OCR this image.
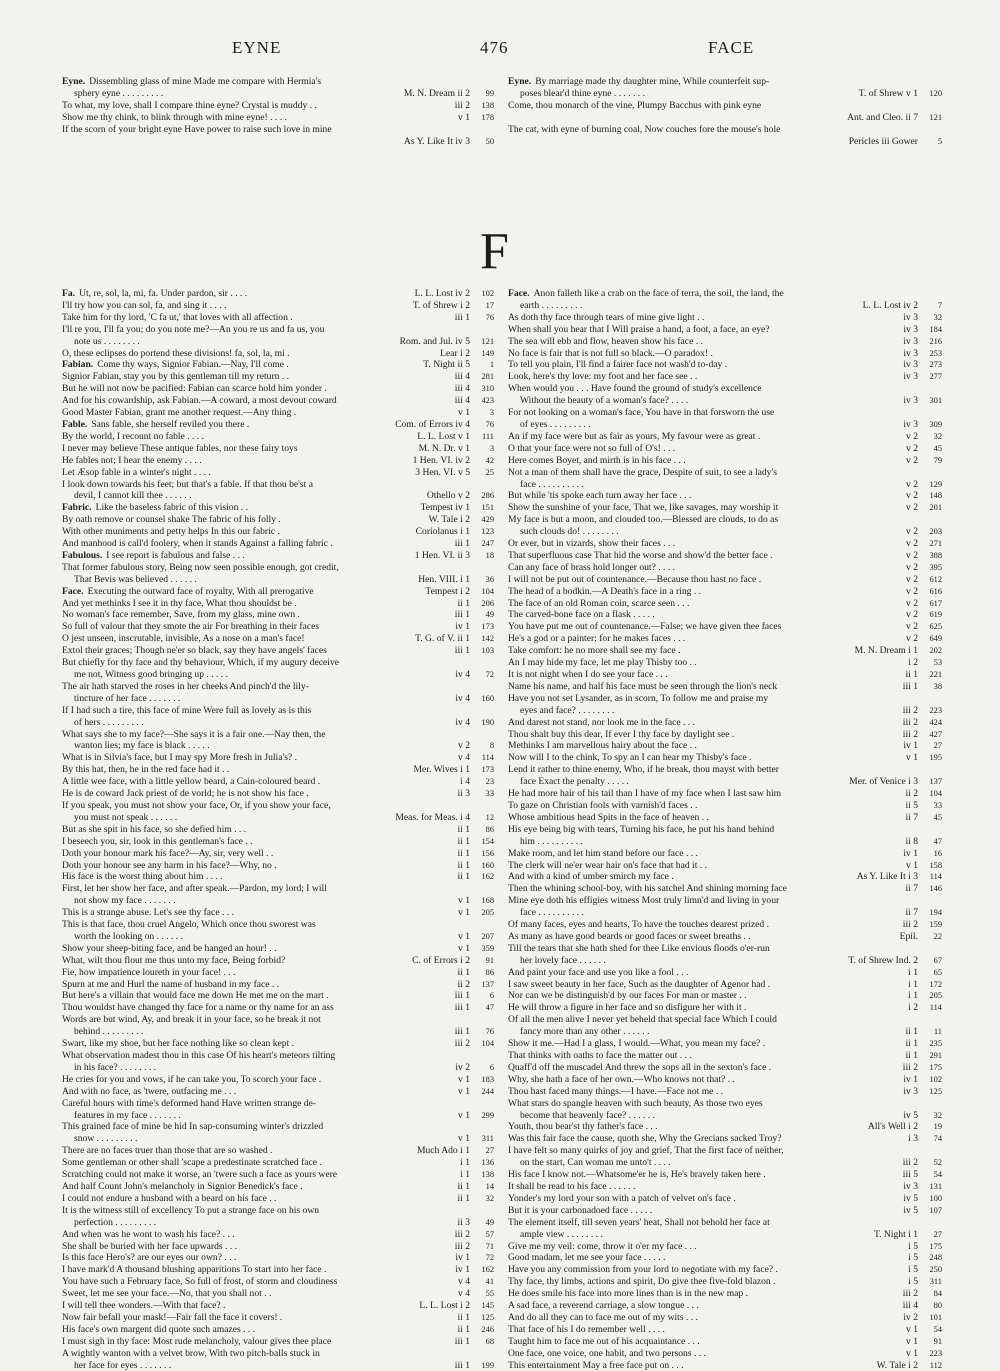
EYNE	476	FACE
Eyne. Dissembling glass of mine Made me compare with Hermia's
sphery eyne . . . . . . . . .	M. N. Dream ii 2	99
To what, my love, shall I compare thine eyne? Crystal is muddy . .	iii 2	138
Show me thy chink, to blink through with mine eyne! . . . .	v 1	178
If the scorn of your bright eyne Have power to raise such love in mine

As Y. Like It iv 3	50
Eyne. By marriage made thy daughter mine, While counterfeit sup-
poses blear'd thine eyne . . . . . . .	T. of Shrew v 1	120
Come, thou monarch of the vine, Plumpy Bacchus with pink eyne

Ant. and Cleo. ii 7	121
The cat, with eyne of burning coal, Now couches fore the mouse's hole

Pericles iii Gower	5
F
Fa. Ut, re, sol, la, mi, fa. Under pardon, sir . . . .	L. L. Lost iv 2	102
I'll try how you can sol, fa, and sing it . . . .	T. of Shrew i 2	17
Take him for thy lord, 'C fa ut,' that loves with all affection .	iii 1	76
I'll re you, I'll fa you; do you note me?—An you re us and fa us, you
note us . . . . . . . .	Rom. and Jul. iv 5	121
O, these eclipses do portend these divisions! fa, sol, la, mi .	Lear i 2	149
Fabian. Come thy ways, Signior Fabian.—Nay, I'll come .	T. Night ii 5	1
Signior Fabian, stay you by this gentleman till my return . .	iii 4	281
But he will not now be pacified: Fabian can scarce hold him yonder .	iii 4	310
And for his cowardship, ask Fabian.—A coward, a most devout coward	iii 4	423
Good Master Fabian, grant me another request.—Any thing .	v 1	3
Fable. Sans fable, she herself reviled you there .	Com. of Errors iv 4	76
By the world, I recount no fable . . . .	L. L. Lost v 1	111
I never may believe These antique fables, nor these fairy toys	M. N. Dr. v 1	3
He fables not; I hear the enemy . . . .	1 Hen. VI. iv 2	42
Let Æsop fable in a winter's night . . . .	3 Hen. VI. v 5	25
I look down towards his feet; but that's a fable. If that thou be'st a
devil, I cannot kill thee . . . . . .	Othello v 2	286
Fabric. Like the baseless fabric of this vision . .	Tempest iv 1	151
By oath remove or counsel shake The fabric of his folly .	W. Tale i 2	429
With other muniments and petty helps In this our fabric .	Coriolanus i 1	123
And manhood is call'd foolery, when it stands Against a falling fabric .	iii 1	247
Fabulous. I see report is fabulous and false . . .	1 Hen. VI. ii 3	18
That former fabulous story, Being now seen possible enough, got credit,
That Bevis was believed . . . . . .	Hen. VIII. i 1	36
Face. Executing the outward face of royalty, With all prerogative	Tempest i 2	104
And yet methinks I see it in thy face, What thou shouldst be .	ii 1	206
No woman's face remember, Save, from my glass, mine own .	iii 1	49
So full of valour that they smote the air For breathing in their faces	iv 1	173
O jest unseen, inscrutable, invisible, As a nose on a man's face!	T. G. of V. ii 1	142
Extol their graces; Though ne'er so black, say they have angels' faces	iii 1	103
But chiefly for thy face and thy behaviour, Which, if my augury deceive
me not, Witness good bringing up . . . . .	iv 4	72
The air hath starved the roses in her cheeks And pinch'd the lily-
tincture of her face . . . . . . .	iv 4	160
If I had such a tire, this face of mine Were full as lovely as is this
of hers . . . . . . . . .	iv 4	190
What says she to my face?—She says it is a fair one.—Nay then, the
wanton lies; my face is black . . . . .	v 2	8
What is in Silvia's face, but I may spy More fresh in Julia's? .	v 4	114
By this hat, then, he in the red face had it . .	Mer. Wives i 1	173
A little wee face, with a little yellow beard, a Cain-coloured beard .	i 4	23
He is de coward Jack priest of de vorld; he is not show his face .	ii 3	33
If you speak, you must not show your face, Or, if you show your face,
you must not speak . . . . . .	Meas. for Meas. i 4	12
But as she spit in his face, so she defied him . . .	ii 1	86
I beseech you, sir, look in this gentleman's face . .	ii 1	154
Doth your honour mark his face?—Ay, sir, very well . .	ii 1	156
Doth your honour see any harm in his face?—Why, no .	ii 1	160
His face is the worst thing about him . . . .	ii 1	162
First, let her show her face, and after speak.—Pardon, my lord; I will
not show my face . . . . . . .	v 1	168
This is a strange abuse. Let's see thy face . . .	v 1	205
This is that face, thou cruel Angelo, Which once thou sworest was
worth the looking on . . . . . .	v 1	207
Show your sheep-biting face, and be hanged an hour! . .	v 1	359
What, wilt thou flout me thus unto my face, Being forbid?	C. of Errors i 2	91
Fie, how impatience loureth in your face! . . .	ii 1	86
Spurn at me and Hurl the name of husband in my face . .	ii 2	137
But here's a villain that would face me down He met me on the mart .	iii 1	6
Thou wouldst have changed thy face for a name or thy name for an ass	iii 1	47
Words are but wind, Ay, and break it in your face, so he break it not
behind . . . . . . . . .	iii 1	76
Swart, like my shoe, but her face nothing like so clean kept .	iii 2	104
What observation madest thou in this case Of his heart's meteors tilting
in his face? . . . . . . . .	iv 2	6
He cries for you and vows, if he can take you, To scorch your face .	v 1	183
And with no face, as 'twere, outfacing me . . .	v 1	244
Careful hours with time's deformed hand Have written strange de-
features in my face . . . . . . .	v 1	299
This grained face of mine be hid In sap-consuming winter's drizzled
snow . . . . . . . . .	v 1	311
There are no faces truer than those that are so washed .	Much Ado i 1	27
Some gentleman or other shall 'scape a predestinate scratched face .	i 1	136
Scratching could not make it worse, an 'twere such a face as yours were	i 1	138
And half Count John's melancholy in Signior Benedick's face .	ii 1	14
I could not endure a husband with a beard on his face . .	ii 1	32
It is the witness still of excellency To put a strange face on his own
perfection . . . . . . . . .	ii 3	49
And when was he wont to wash his face? . . .	iii 2	57
She shall be buried with her face upwards . . .	iii 2	71
Is this face Hero's? are our eyes our own? . . .	iv 1	72
I have mark'd A thousand blushing apparitions To start into her face .	iv 1	162
You have such a February face, So full of frost, of storm and cloudiness	v 4	41
Sweet, let me see your face.—No, that you shall not . .	v 4	55
I will tell thee wonders.—With that face? .	L. L. Lost i 2	145
Now fair befall your mask!—Fair fall the face it covers! .	ii 1	125
His face's own margent did quote such amazes . . .	ii 1	246
I must sigh in thy face: Most rude melancholy, valour gives thee place	iii 1	68
A wightly wanton with a velvet brow, With two pitch-balls stuck in
her face for eyes . . . . . . .	iii 1	199
Face. Anon falleth like a crab on the face of terra, the soil, the land, the
earth . . . . . . . . .	L. L. Lost iv 2	7
As doth thy face through tears of mine give light . .	iv 3	32
When shall you hear that I Will praise a hand, a foot, a face, an eye?	iv 3	184
The sea will ebb and flow, heaven show his face . .	iv 3	216
No face is fair that is not full so black.—O paradox! .	iv 3	253
To tell you plain, I'll find a fairer face not wash'd to-day .	iv 3	273
Look, here's thy love: my foot and her face see . .	iv 3	277
When would you . . . Have found the ground of study's excellence
Without the beauty of a woman's face? . . . .	iv 3	301
For not looking on a woman's face, You have in that forsworn the use
of eyes . . . . . . . . .	iv 3	309
An if my face were but as fair as yours, My favour were as great .	v 2	32
O that your face were not so full of O's! . . .	v 2	45
Here comes Boyet, and mirth is in his face . . .	v 2	79
Not a man of them shall have the grace, Despite of suit, to see a lady's
face . . . . . . . . . .	v 2	129
But while 'tis spoke each turn away her face . . .	v 2	148
Show the sunshine of your face, That we, like savages, may worship it	v 2	201
My face is but a moon, and clouded too.—Blessed are clouds, to do as
such clouds do! . . . . . . . .	v 2	203
Or ever, but in vizards, show their faces . . .	v 2	271
That superfluous case That hid the worse and show'd the better face .	v 2	388
Can any face of brass hold longer out? . . . .	v 2	395
I will not be put out of countenance.—Because thou hast no face .	v 2	612
The head of a bodkin.—A Death's face in a ring . .	v 2	616
The face of an old Roman coin, scarce seen . . .	v 2	617
The carved-bone face on a flask . . . . .	v 2	619
You have put me out of countenance.—False; we have given thee faces	v 2	625
He's a god or a painter; for he makes faces . . .	v 2	649
Take comfort: he no more shall see my face .	M. N. Dream i 1	202
An I may hide my face, let me play Thisby too . .	i 2	53
It is not night when I do see your face . . .	ii 1	221
Name his name, and half his face must be seen through the lion's neck	iii 1	38
Have you not set Lysander, as in scorn, To follow me and praise my
eyes and face? . . . . . . . .	iii 2	223
And darest not stand, nor look me in the face . . .	iii 2	424
Thou shalt buy this dear, If ever I thy face by daylight see .	iii 2	427
Methinks I am marvellous hairy about the face . .	iv 1	27
Now will I to the chink, To spy an I can hear my Thisby's face .	v 1	195
Lend it rather to thine enemy, Who, if he break, thou mayst with better
face Exact the penalty . . . . .	Mer. of Venice i 3	137
He had more hair of his tail than I have of my face when I last saw him	ii 2	104
To gaze on Christian fools with varnish'd faces . .	ii 5	33
Whose ambitious head Spits in the face of heaven . .	ii 7	45
His eye being big with tears, Turning his face, he put his hand behind
him . . . . . . . . . .	ii 8	47
Make room, and let him stand before our face . . .	iv 1	16
The clerk will ne'er wear hair on's face that had it . .	v 1	158
And with a kind of umber smirch my face .	As Y. Like It i 3	114
Then the whining school-boy, with his satchel And shining morning face	ii 7	146
Mine eye doth his effigies witness Most truly limn'd and living in your
face . . . . . . . . . .	ii 7	194
Of many faces, eyes and hearts, To have the touches dearest prized .	iii 2	159
As many as have good beards or good faces or sweet breaths . .	Epil.	22
Till the tears that she hath shed for thee Like envious floods o'er-run
her lovely face . . . . . .	T. of Shrew Ind. 2	67
And paint your face and use you like a fool . . .	i 1	65
I saw sweet beauty in her face, Such as the daughter of Agenor had .	i 1	172
Nor can we be distinguish'd by our faces For man or master . .	i 1	205
He will throw a figure in her face and so disfigure her with it .	i 2	114
Of all the men alive I never yet beheld that special face Which I could
fancy more than any other . . . . . .	ii 1	11
Show it me.—Had I a glass, I would.—What, you mean my face? .	ii 1	235
That thinks with oaths to face the matter out . . .	ii 1	291
Quaff'd off the muscadel And threw the sops all in the sexton's face .	iii 2	175
Why, she hath a face of her own.—Who knows not that? . .	iv 1	102
Thou hast faced many things.—I have.—Face not me . .	iv 3	125
What stars do spangle heaven with such beauty, As those two eyes
become that heavenly face? . . . . . .	iv 5	32
Youth, thou bear'st thy father's face . . .	All's Well i 2	19
Was this fair face the cause, quoth she, Why the Grecians sacked Troy?	i 3	74
I have felt so many quirks of joy and grief, That the first face of neither,
on the start, Can woman me unto't . . . .	iii 2	52
His face I know not.—Whatsome'er he is, He's bravely taken here .	iii 5	54
It shall be read to his face . . . . . .	iv 3	131
Yonder's my lord your son with a patch of velvet on's face .	iv 5	100
But it is your carbonadoed face . . . . .	iv 5	107
The element itself, till seven years' heat, Shall not behold her face at
ample view . . . . . . . .	T. Night i 1	27
Give me my veil: come, throw it o'er my face . . .	i 5	175
Good madam, let me see your face . . . . .	i 5	248
Have you any commission from your lord to negotiate with my face? .	i 5	250
Thy face, thy limbs, actions and spirit, Do give thee five-fold blazon .	i 5	311
He does smile his face into more lines than is in the new map .	iii 2	84
A sad face, a reverend carriage, a slow tongue . . .	iii 4	80
And do all they can to face me out of my wits . . .	iv 2	101
That face of his I do remember well . . . .	v 1	54
Taught him to face me out of his acquaintance . . .	v 1	91
One face, one voice, one habit, and two persons . . .	v 1	223
This entertainment May a free face put on . . .	W. Tale i 2	112
